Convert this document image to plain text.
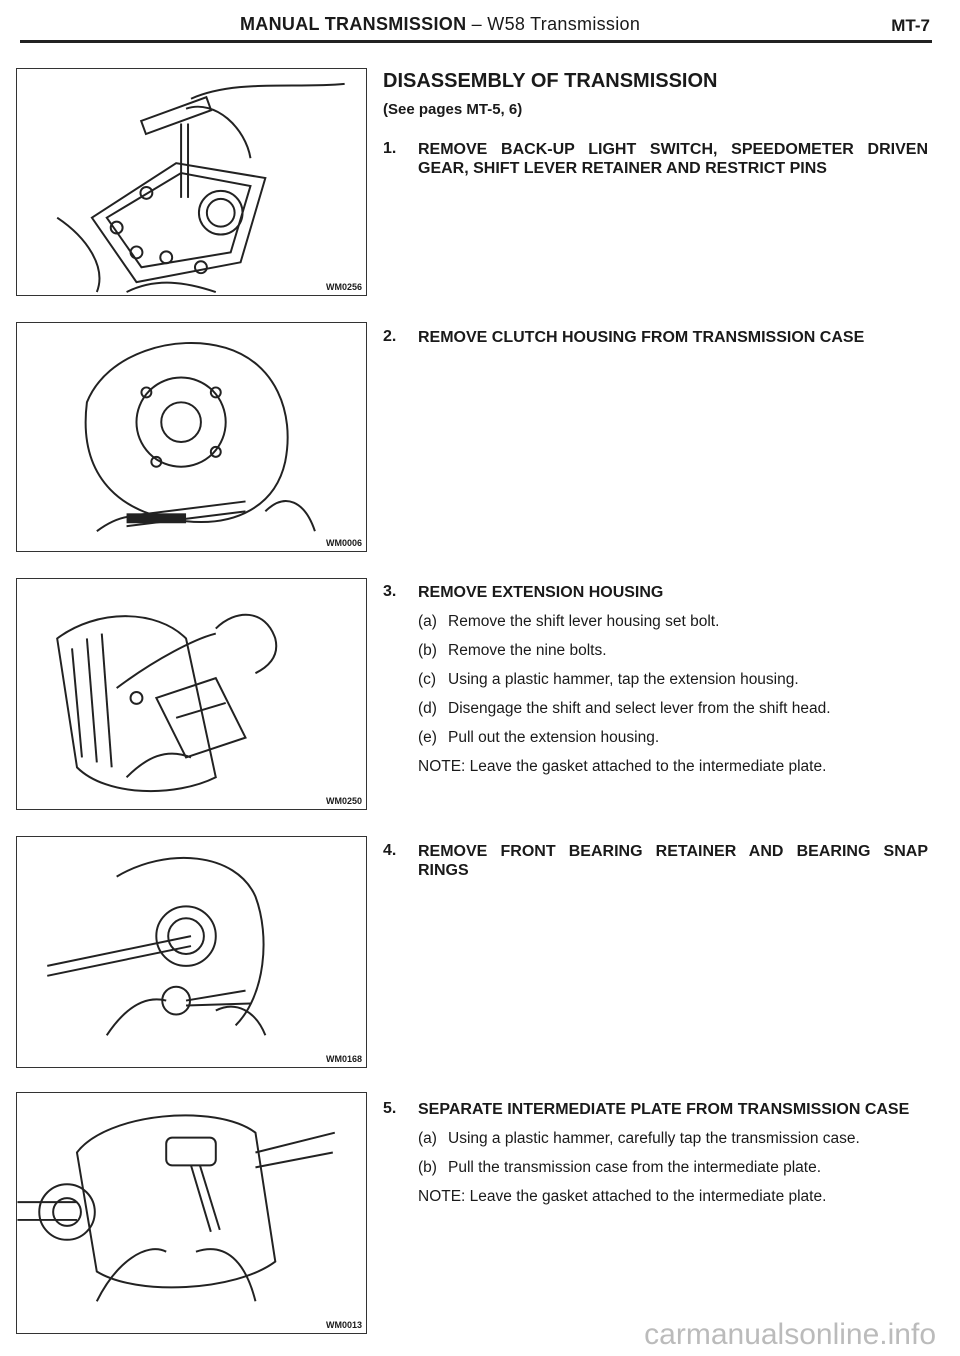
MANUAL TRANSMISSION – W58 Transmission	MT-7
WM0256
WM0006
WM0250
WM0168
WM0013
DISASSEMBLY OF TRANSMISSION
(See pages MT-5, 6)
1. REMOVE BACK-UP LIGHT SWITCH, SPEEDOMETER DRIVEN GEAR, SHIFT LEVER RETAINER AND RESTRICT PINS
2. REMOVE CLUTCH HOUSING FROM TRANSMISSION CASE
3. REMOVE EXTENSION HOUSING
(a) Remove the shift lever housing set bolt.
(b) Remove the nine bolts.
(c) Using a plastic hammer, tap the extension housing.
(d) Disengage the shift and select lever from the shift head.
(e) Pull out the extension housing.
NOTE: Leave the gasket attached to the intermediate plate.
4. REMOVE FRONT BEARING RETAINER AND BEARING SNAP RINGS
5. SEPARATE INTERMEDIATE PLATE FROM TRANSMISSION CASE
(a) Using a plastic hammer, carefully tap the transmission case.
(b) Pull the transmission case from the intermediate plate.
NOTE: Leave the gasket attached to the intermediate plate.
carmanualsonline.info
